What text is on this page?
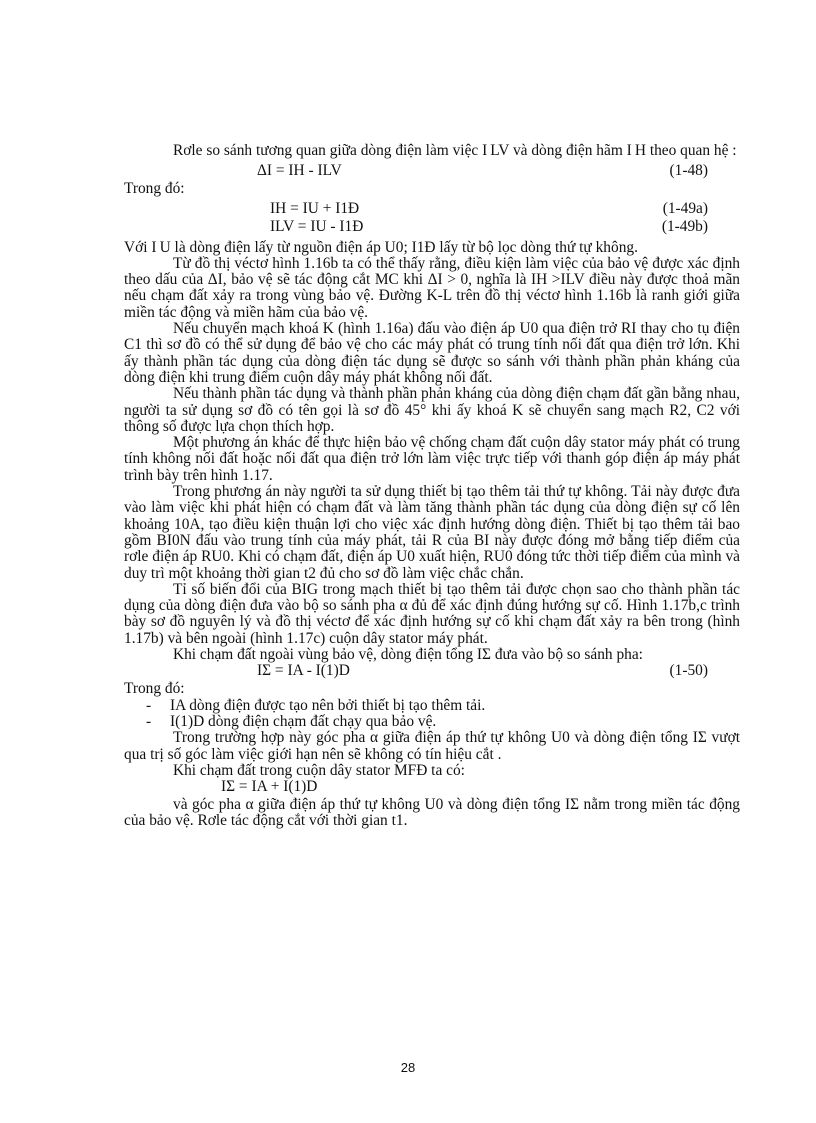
Rơle so sánh tương quan giữa dòng điện làm việc I LV và dòng điện hãm I H theo quan hệ :

ΔI = IH - ILV	(1-48)

Trong đó:

IH = IU + I1Đ	(1-49a)
ILV = IU - I1Đ	(1-49b)

Với I U là dòng điện lấy từ nguồn điện áp U0; I1Đ lấy từ bộ lọc dòng thứ tự không.

Từ đồ thị véctơ hình 1.16b ta có thể thấy rằng, điều kiện làm việc của bảo vệ được xác định theo dấu của ΔI, bảo vệ sẽ tác động cắt MC khi ΔI > 0, nghĩa là IH >ILV điều này được thoả mãn nếu chạm đất xảy ra trong vùng bảo vệ. Đường K-L trên đồ thị véctơ hình 1.16b là ranh giới giữa miền tác động và miền hãm của bảo vệ.

Nếu chuyển mạch khoá K (hình 1.16a) đấu vào điện áp U0 qua điện trở RI thay cho tụ điện C1 thì sơ đồ có thể sử dụng để bảo vệ cho các máy phát có trung tính nối đất qua điện trở lớn. Khi ấy thành phần tác dụng của dòng điện tác dụng sẽ được so sánh với thành phần phản kháng của dòng điện khi trung điểm cuộn dây máy phát không nối đất.

Nếu thành phần tác dụng và thành phần phản kháng của dòng điện chạm đất gần bằng nhau, người ta sử dụng sơ đồ có tên gọi là sơ đồ 45° khi ấy khoá K sẽ chuyển sang mạch R2, C2 với thông số được lựa chọn thích hợp.

Một phương án khác để thực hiện bảo vệ chống chạm đất cuộn dây stator máy phát có trung tính không nối đất hoặc nối đất qua điện trở lớn làm việc trực tiếp với thanh góp điện áp máy phát trình bày trên hình 1.17.

Trong phương án này người ta sử dụng thiết bị tạo thêm tải thứ tự không. Tải này được đưa vào làm việc khi phát hiện có chạm đất và làm tăng thành phần tác dụng của dòng điện sự cố lên khoảng 10A, tạo điều kiện thuận lợi cho việc xác định hướng dòng điện. Thiết bị tạo thêm tải bao gồm BI0N đấu vào trung tính của máy phát, tải R của BI này được đóng mở bằng tiếp điểm của rơle điện áp RU0. Khi có chạm đất, điện áp U0 xuất hiện, RU0 đóng tức thời tiếp điểm của mình và duy trì một khoảng thời gian t2 đủ cho sơ đồ làm việc chắc chắn.

Tỉ số biến đổi của BIG trong mạch thiết bị tạo thêm tải được chọn sao cho thành phần tác dụng của dòng điện đưa vào bộ so sánh pha α đủ để xác định đúng hướng sự cố. Hình 1.17b,c trình bày sơ đồ nguyên lý và đồ thị véctơ để xác định hướng sự cố khi chạm đất xảy ra bên trong (hình 1.17b) và bên ngoài (hình 1.17c) cuộn dây stator máy phát.

Khi chạm đất ngoài vùng bảo vệ, dòng điện tổng IΣ đưa vào bộ so sánh pha:

IΣ = IA - I(1)D	(1-50)

Trong đó:

- IA dòng điện được tạo nên bởi thiết bị tạo thêm tải.
- I(1)D dòng điện chạm đất chạy qua bảo vệ.

Trong trường hợp này góc pha α giữa điện áp thứ tự không U0 và dòng điện tổng IΣ vượt qua trị số góc làm việc giới hạn nên sẽ không có tín hiệu cắt .

Khi chạm đất trong cuộn dây stator MFĐ ta có:

IΣ = IA + I(1)D

và góc pha α giữa điện áp thứ tự không U0 và dòng điện tổng IΣ nằm trong miền tác động của bảo vệ. Rơle tác động cắt với thời gian t1.

28
